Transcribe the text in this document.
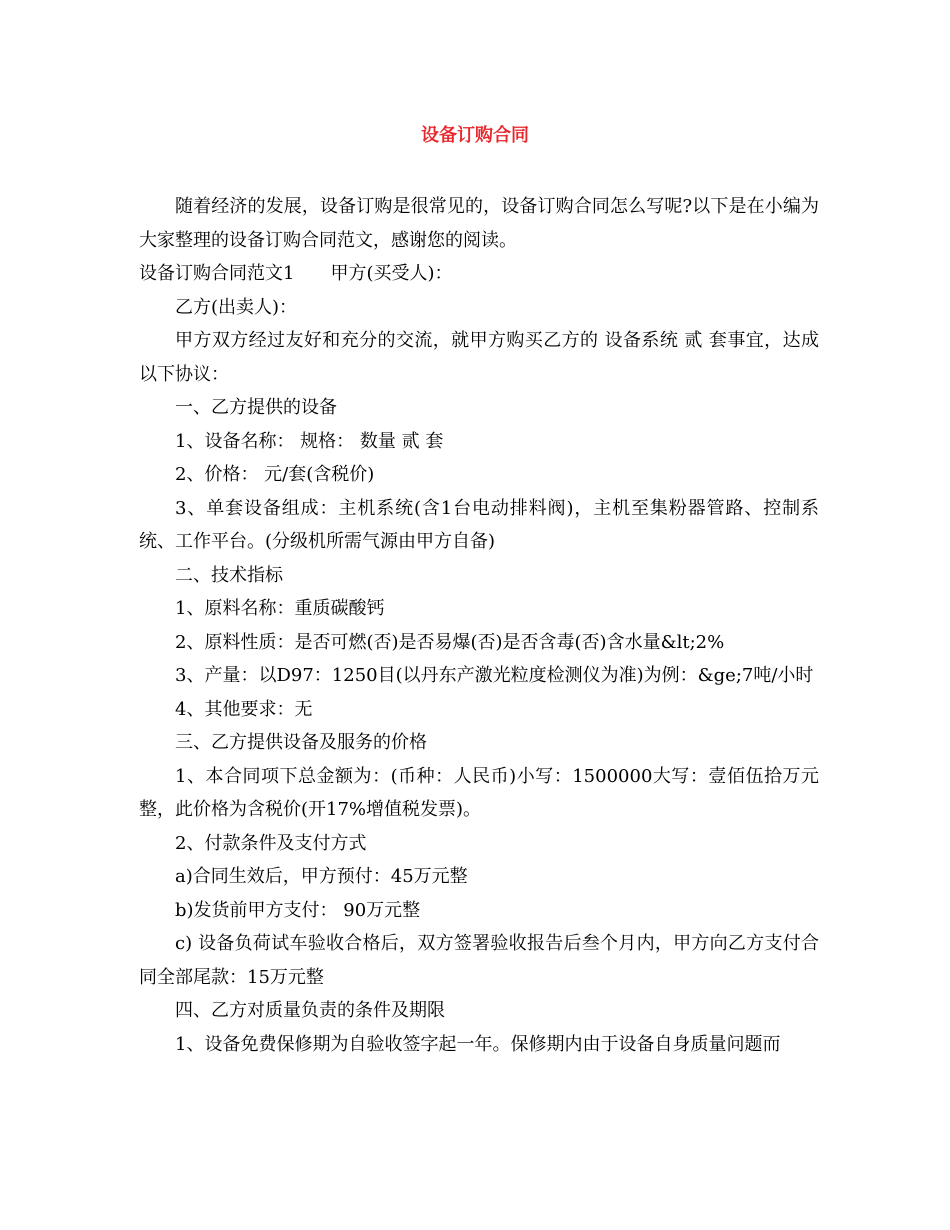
设备订购合同

随着经济的发展，设备订购是很常见的，设备订购合同怎么写呢?以下是在小编为大家整理的设备订购合同范文，感谢您的阅读。

设备订购合同范文1　　甲方(买受人)：

乙方(出卖人)：

甲方双方经过友好和充分的交流，就甲方购买乙方的 设备系统 贰 套事宜，达成以下协议：

一、乙方提供的设备

1、设备名称： 规格： 数量 贰 套

2、价格： 元/套(含税价)

3、单套设备组成：主机系统(含1台电动排料阀)，主机至集粉器管路、控制系统、工作平台。(分级机所需气源由甲方自备)

二、技术指标

1、原料名称：重质碳酸钙

2、原料性质：是否可燃(否)是否易爆(否)是否含毒(否)含水量&lt;2%

3、产量：以D97：1250目(以丹东产激光粒度检测仪为准)为例：&ge;7吨/小时

4、其他要求：无

三、乙方提供设备及服务的价格

1、本合同项下总金额为：(币种：人民币)小写：1500000大写：壹佰伍拾万元整，此价格为含税价(开17%增值税发票)。

2、付款条件及支付方式

a)合同生效后，甲方预付：45万元整

b)发货前甲方支付： 90万元整

c) 设备负荷试车验收合格后，双方签署验收报告后叁个月内，甲方向乙方支付合同全部尾款：15万元整

四、乙方对质量负责的条件及期限

1、设备免费保修期为自验收签字起一年。保修期内由于设备自身质量问题而
